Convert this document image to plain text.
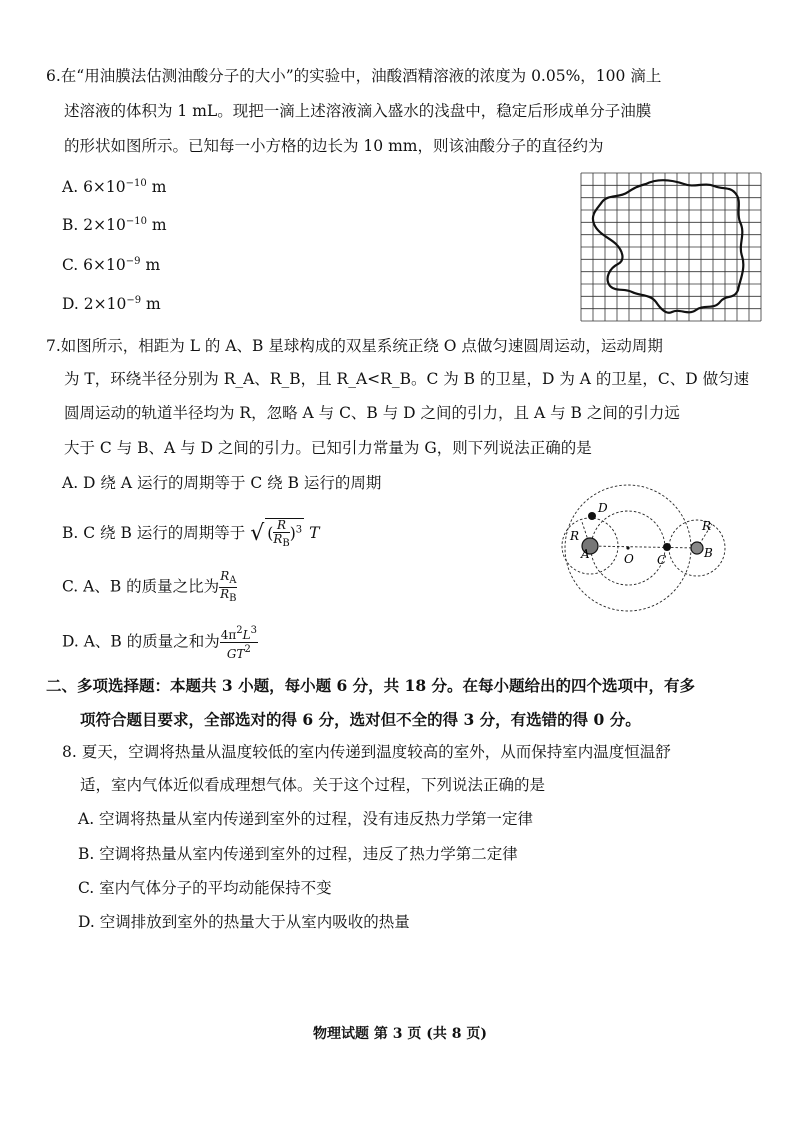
6.在“用油膜法估测油酸分子的大小”的实验中，油酸酒精溶液的浓度为 0.05%，100 滴上
述溶液的体积为 1 mL。现把一滴上述溶液滴入盛水的浅盘中，稳定后形成单分子油膜
的形状如图所示。已知每一小方格的边长为 10 mm，则该油酸分子的直径约为
A. $6\times 10^{-10}$ m
B. $2\times 10^{-10}$ m
C. $6\times 10^{-9}$ m
D. $2\times 10^{-9}$ m
7.如图所示，相距为 L 的 A、B 星球构成的双星系统正绕 O 点做匀速圆周运动，运动周期
为 T，环绕半径分别为 R_A、R_B，且 R_A<R_B。C 为 B 的卫星，D 为 A 的卫星，C、D 做匀速
圆周运动的轨道半径均为 R，忽略 A 与 C、B 与 D 之间的引力，且 A 与 B 之间的引力远
大于 C 与 B、A 与 D 之间的引力。已知引力常量为 G，则下列说法正确的是
A. D 绕 A 运行的周期等于 C 绕 B 运行的周期
B. C 绕 B 运行的周期等于 √ ( $\frac{R}{R_B} )^3$ T
C. A、B 的质量之比为 $\frac{R_A}{R_B}$
D. A、B 的质量之和为 $\frac{4\pi^2L^3}{GT^2}$
A	B
C
D
O
R
R
二、多项选择题：本题共 3 小题，每小题 6 分，共 18 分。在每小题给出的四个选项中，有多
项符合题目要求，全部选对的得 6 分，选对但不全的得 3 分，有选错的得 0 分。
8. 夏天，空调将热量从温度较低的室内传递到温度较高的室外，从而保持室内温度恒温舒
适，室内气体近似看成理想气体。关于这个过程，下列说法正确的是
A. 空调将热量从室内传递到室外的过程，没有违反热力学第一定律
B. 空调将热量从室内传递到室外的过程，违反了热力学第二定律
C. 室内气体分子的平均动能保持不变
D. 空调排放到室外的热量大于从室内吸收的热量
物理试题 第 3 页 (共 8 页)
